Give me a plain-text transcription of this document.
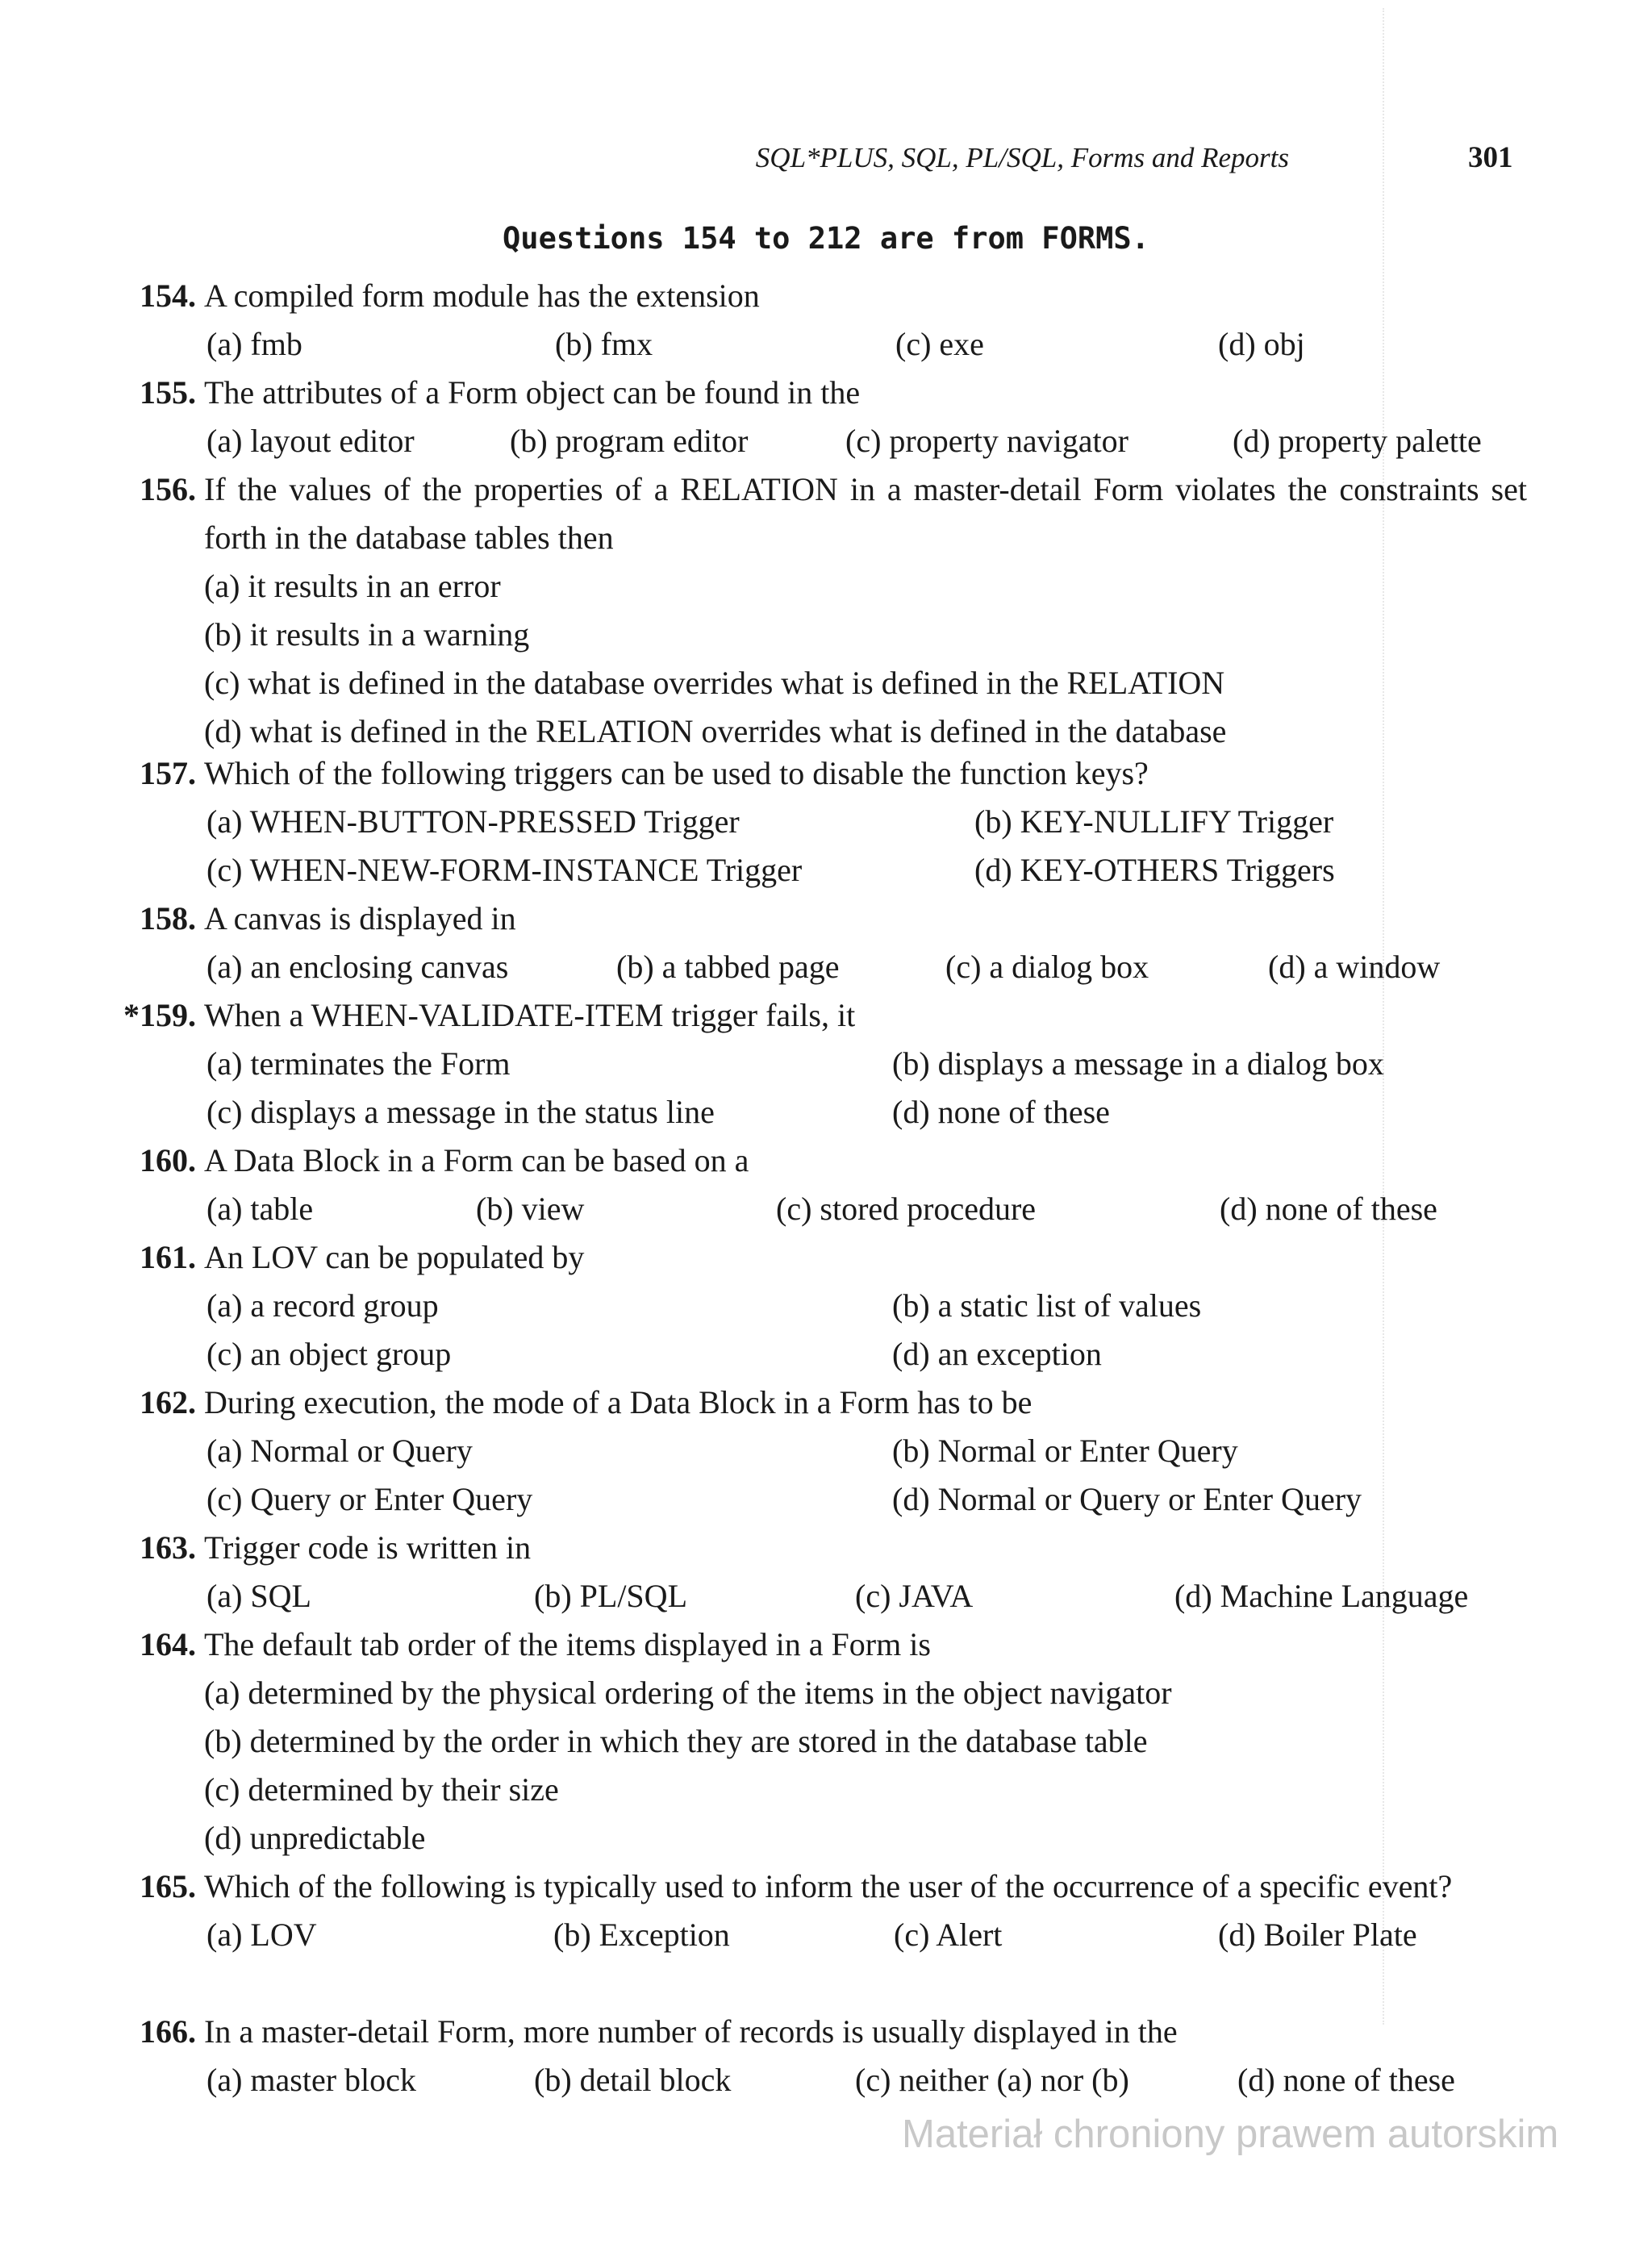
SQL*PLUS, SQL, PL/SQL, Forms and Reports	301
Questions 154 to 212 are from FORMS.
154. A compiled form module has the extension
(a) fmb	(b) fmx	(c) exe	(d) obj
155. The attributes of a Form object can be found in the
(a) layout editor	(b) program editor	(c) property navigator	(d) property palette
156. If the values of the properties of a RELATION in a master-detail Form violates the constraints set forth in the database tables then
(a) it results in an error
(b) it results in a warning
(c) what is defined in the database overrides what is defined in the RELATION
(d) what is defined in the RELATION overrides what is defined in the database
157. Which of the following triggers can be used to disable the function keys?
(a) WHEN-BUTTON-PRESSED Trigger	(b) KEY-NULLIFY Trigger
(c) WHEN-NEW-FORM-INSTANCE Trigger	(d) KEY-OTHERS Triggers
158. A canvas is displayed in
(a) an enclosing canvas	(b) a tabbed page	(c) a dialog box	(d) a window
*159. When a WHEN-VALIDATE-ITEM trigger fails, it
(a) terminates the Form	(b) displays a message in a dialog box
(c) displays a message in the status line	(d) none of these
160. A Data Block in a Form can be based on a
(a) table	(b) view	(c) stored procedure	(d) none of these
161. An LOV can be populated by
(a) a record group	(b) a static list of values
(c) an object group	(d) an exception
162. During execution, the mode of a Data Block in a Form has to be
(a) Normal or Query	(b) Normal or Enter Query
(c) Query or Enter Query	(d) Normal or Query or Enter Query
163. Trigger code is written in
(a) SQL	(b) PL/SQL	(c) JAVA	(d) Machine Language
164. The default tab order of the items displayed in a Form is
(a) determined by the physical ordering of the items in the object navigator
(b) determined by the order in which they are stored in the database table
(c) determined by their size
(d) unpredictable
165. Which of the following is typically used to inform the user of the occurrence of a specific event?
(a) LOV	(b) Exception	(c) Alert	(d) Boiler Plate
166. In a master-detail Form, more number of records is usually displayed in the
(a) master block	(b) detail block	(c) neither (a) nor (b)	(d) none of these
Materiał chroniony prawem autorskim
